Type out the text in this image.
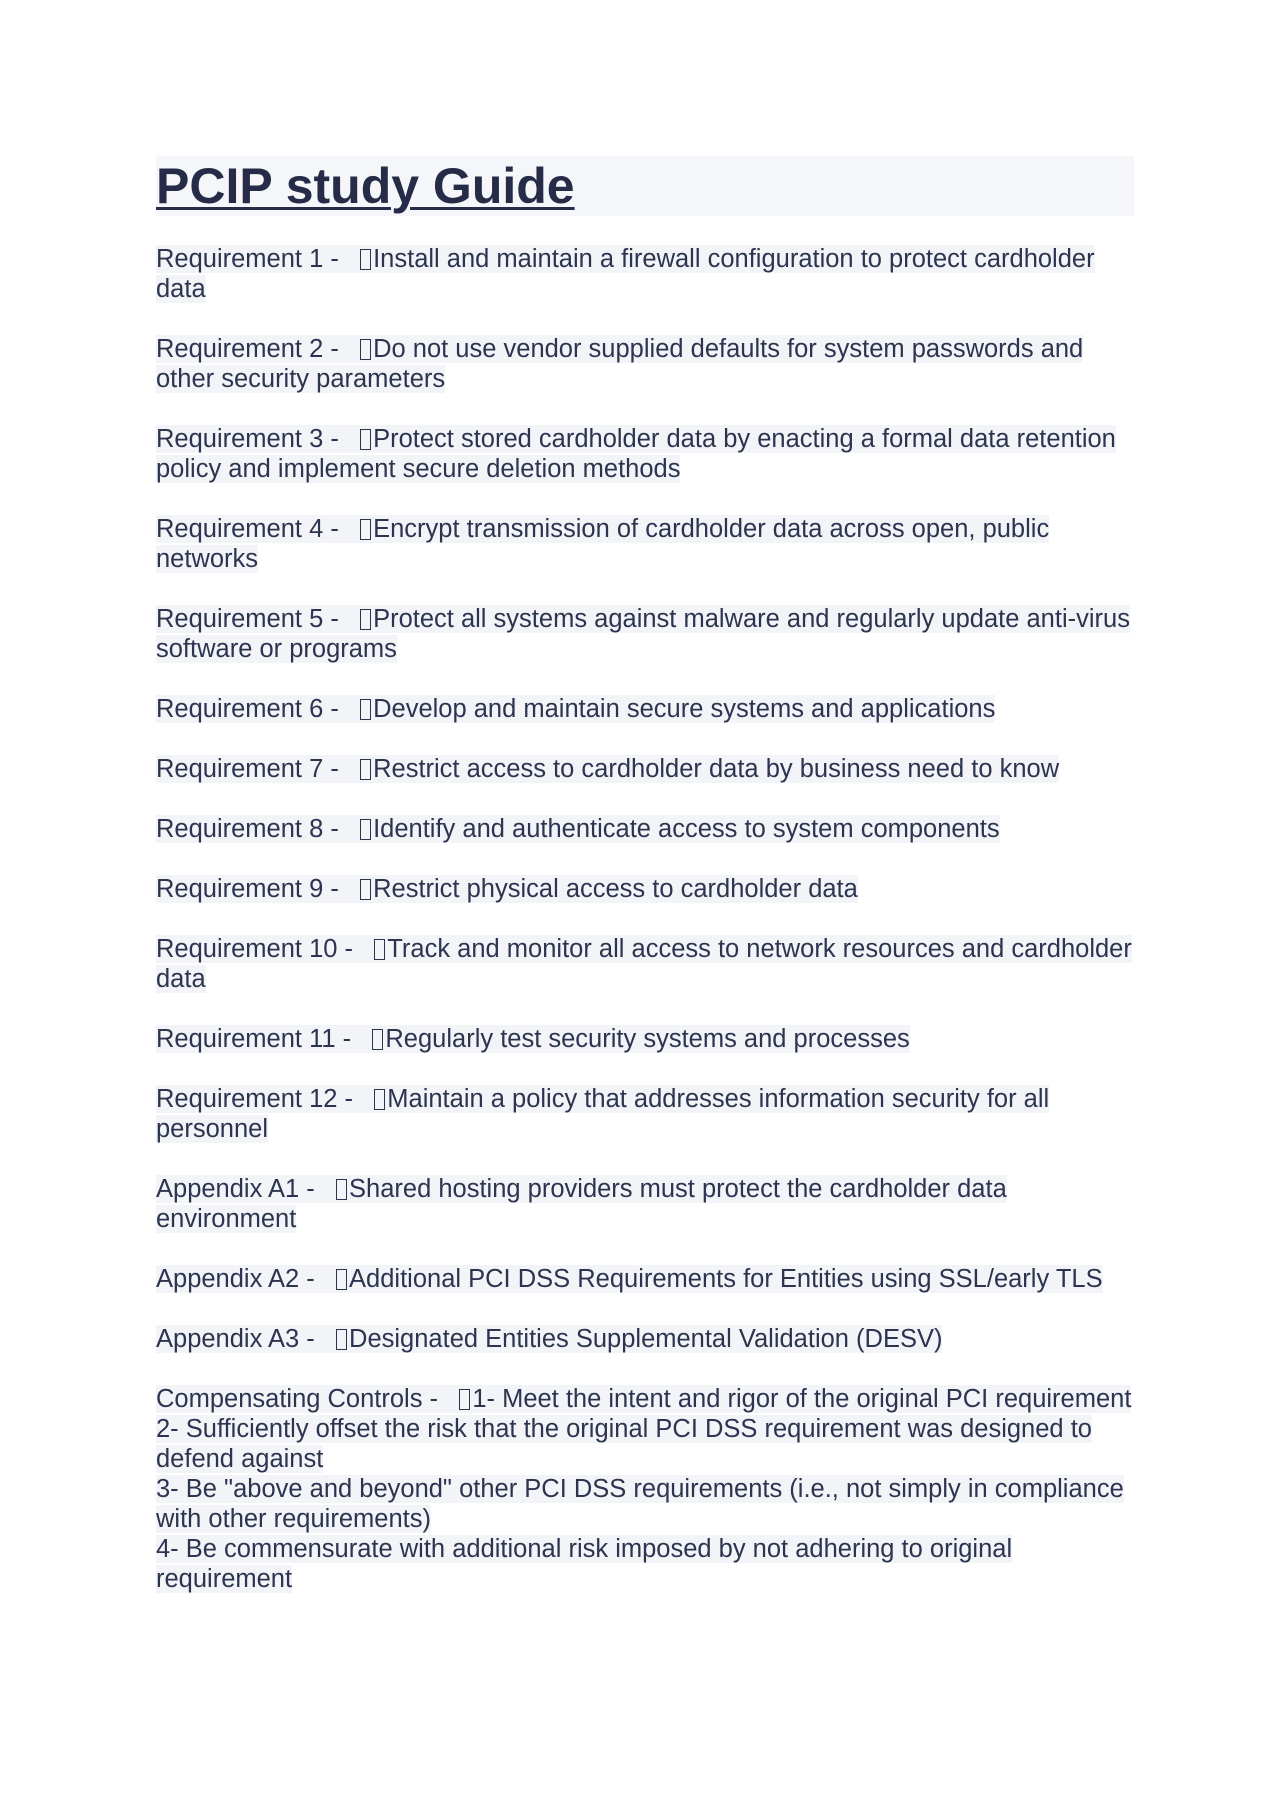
PCIP study Guide

Requirement 1 -   Install and maintain a firewall configuration to protect cardholder data

Requirement 2 -   Do not use vendor supplied defaults for system passwords and other security parameters

Requirement 3 -   Protect stored cardholder data by enacting a formal data retention policy and implement secure deletion methods

Requirement 4 -   Encrypt transmission of cardholder data across open, public networks

Requirement 5 -   Protect all systems against malware and regularly update anti-virus software or programs

Requirement 6 -   Develop and maintain secure systems and applications

Requirement 7 -   Restrict access to cardholder data by business need to know

Requirement 8 -   Identify and authenticate access to system components

Requirement 9 -   Restrict physical access to cardholder data

Requirement 10 -   Track and monitor all access to network resources and cardholder data

Requirement 11 -   Regularly test security systems and processes

Requirement 12 -   Maintain a policy that addresses information security for all personnel

Appendix A1 -   Shared hosting providers must protect the cardholder data environment

Appendix A2 -   Additional PCI DSS Requirements for Entities using SSL/early TLS

Appendix A3 -   Designated Entities Supplemental Validation (DESV)

Compensating Controls -   1- Meet the intent and rigor of the original PCI requirement
2- Sufficiently offset the risk that the original PCI DSS requirement was designed to defend against
3- Be "above and beyond" other PCI DSS requirements (i.e., not simply in compliance with other requirements)
4- Be commensurate with additional risk imposed by not adhering to original requirement
